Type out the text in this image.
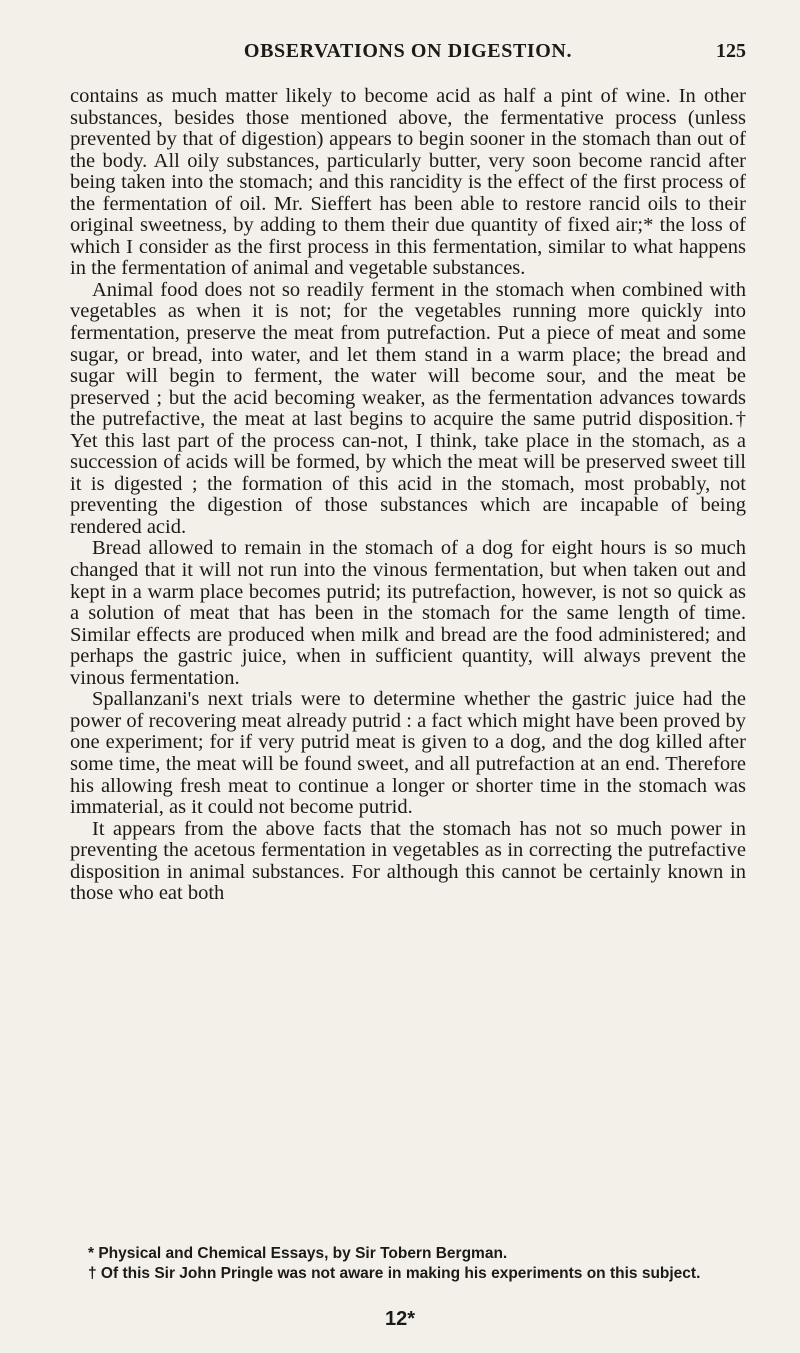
OBSERVATIONS ON DIGESTION.	125

contains as much matter likely to become acid as half a pint of wine. In other substances, besides those mentioned above, the fermentative process (unless prevented by that of digestion) appears to begin sooner in the stomach than out of the body. All oily substances, particularly butter, very soon become rancid after being taken into the stomach; and this rancidity is the effect of the first process of the fermentation of oil. Mr. Sieffert has been able to restore rancid oils to their original sweetness, by adding to them their due quantity of fixed air;* the loss of which I consider as the first process in this fermentation, similar to what happens in the fermentation of animal and vegetable substances.

Animal food does not so readily ferment in the stomach when combined with vegetables as when it is not; for the vegetables running more quickly into fermentation, preserve the meat from putrefaction. Put a piece of meat and some sugar, or bread, into water, and let them stand in a warm place; the bread and sugar will begin to ferment, the water will become sour, and the meat be preserved ; but the acid becoming weaker, as the fermentation advances towards the putrefactive, the meat at last begins to acquire the same putrid disposition.† Yet this last part of the process can-not, I think, take place in the stomach, as a succession of acids will be formed, by which the meat will be preserved sweet till it is digested ; the formation of this acid in the stomach, most probably, not preventing the digestion of those substances which are incapable of being rendered acid.

Bread allowed to remain in the stomach of a dog for eight hours is so much changed that it will not run into the vinous fermentation, but when taken out and kept in a warm place becomes putrid; its putrefaction, however, is not so quick as a solution of meat that has been in the stomach for the same length of time. Similar effects are produced when milk and bread are the food administered; and perhaps the gastric juice, when in sufficient quantity, will always prevent the vinous fermentation.

Spallanzani's next trials were to determine whether the gastric juice had the power of recovering meat already putrid : a fact which might have been proved by one experiment; for if very putrid meat is given to a dog, and the dog killed after some time, the meat will be found sweet, and all putrefaction at an end. Therefore his allowing fresh meat to continue a longer or shorter time in the stomach was immaterial, as it could not become putrid.

It appears from the above facts that the stomach has not so much power in preventing the acetous fermentation in vegetables as in correcting the putrefactive disposition in animal substances. For although this cannot be certainly known in those who eat both

* Physical and Chemical Essays, by Sir Tobern Bergman.

† Of this Sir John Pringle was not aware in making his experiments on this subject.

12*
